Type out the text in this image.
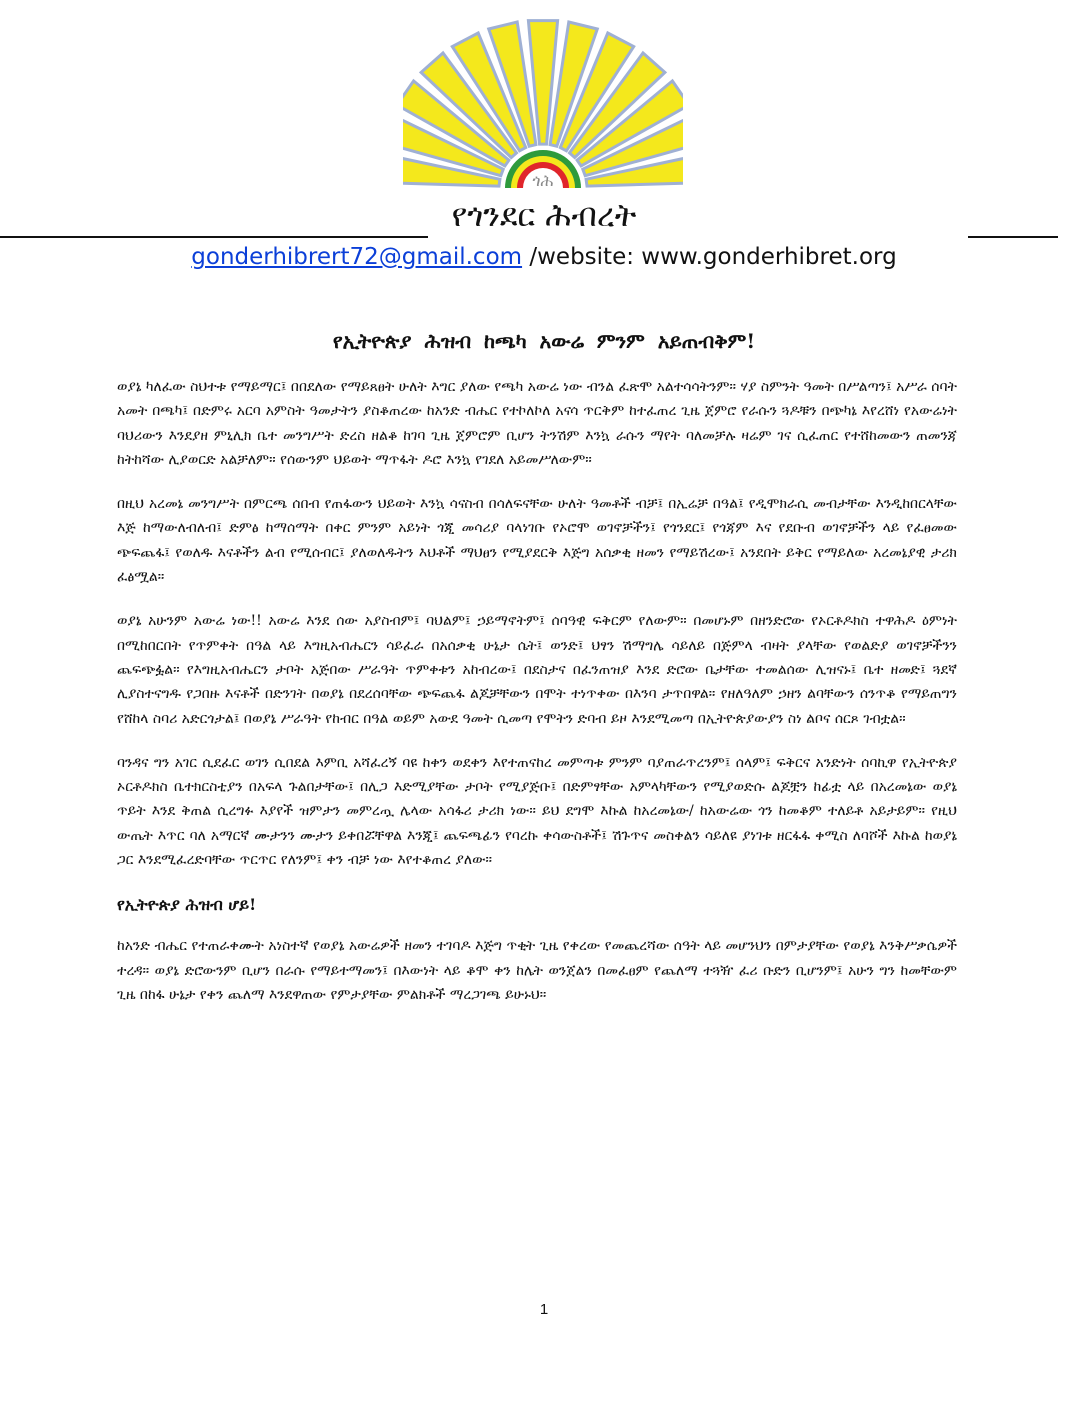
ጎሕ
የጎንደር ሕብረት
gonderhibrert72@gmail.com /website: www.gonderhibret.org
የኢትዮጵያ ሕዝብ ከጫካ አውሬ ምንም አይጠብቅም!

ወያኔ ካለፈው ስህተቱ የማይማር፤ በበደለው የማይጸፀት ሁለት እግር ያለው የጫካ አውሬ ነው ብንል ፈጽሞ አልተሳሳትንም። ሃያ ስምንት ዓመት በሥልጣን፤ አሥራ ሰባት አመት በጫካ፤ በድምሩ አርባ አምስት ዓመታትን ያስቆጠረው ከአንድ ብሔር የተኮለኮለ አናሳ ጥርቅም ከተፈጠረ ጊዜ ጀምሮ የራሱን ጓዶቹን በጭካኔ እየረሸነ የአውሬነት ባህሪውን እንደያዘ ምኒሊክ ቤተ መንግሥት ድረስ ዘልቆ ከገባ ጊዜ ጀምሮም ቢሆን ትንሽም እንኳ ራሱን ማየት ባለመቻሉ ዛሬም ገና ሲፈጠር የተሸከመውን ጠመንጃ ከትከሻው ሊያወርድ አልቻለም። የሰውንም ህይወት ማጥፋት ዶሮ እንኳ የገደለ አይመሥለውም።

በዚህ አረመኔ መንግሥት በምርጫ ሰበብ የጠፋውን ህይወት እንኳ ሳናስብ በሳለፍናቸው ሁለት ዓመቶች ብቻ፤ በኢሬቻ በዓል፤ የዲሞክራሲ መብታቸው እንዲከበርላቸው እጅ ከማውለብለብ፤ ድምፅ ከማሰማት በቀር ምንም አይነት ጎጂ መሳሪያ ባላነገቡ የኦሮሞ ወገኖቻችን፤ የጎንደር፤ የጎጃም እና የደቡብ ወገኖቻችን ላይ የፈፀመው ጭፍጨፋ፤ የወለዱ እናቶችን ልብ የሚሰብር፤ ያለወለዱትን እህቶች ማህፀን የሚያደርቅ እጅግ አሰቃቂ ዘመን የማይሽረው፤ አንደበት ይቅር የማይለው አረመኔያዊ ታሪክ ፈፅሟል።

ወያኔ አሁንም አውሬ ነው!! አውሬ እንደ ሰው አያስብም፤ ባህልም፤ ኃይማኖትም፤ ሰባዓዊ ፍቅርም የለውም። በመሆኑም በዘንድሮው የኦርቶዶክስ ተዋሕዶ ዕምነት በሚከበርበት የጥምቀት በዓል ላይ እግዚአብሔርን ሳይፈራ በአሰቃቂ ሁኔታ ሴት፤ ወንድ፤ ህፃን ሽማግሌ ሳይለይ በጅምላ ብዛት ያላቸው የወልድያ ወገኖቻችንን ጨፍጭፏል። የእግዚአብሔርን ታቦት አጅበው ሥራዓት ጥምቀቱን አከብረው፤ በደስታና በፈንጠዝያ እንደ ድሮው ቤታቸው ተመልሰው ሊዝናኑ፤ ቤተ ዘመድ፤ ጓደኛ ሊያስተናግዱ የጋበዙ እናቶች በድንገት በወያኔ በደረሰባቸው ጭፍጨፋ ልጆቻቸውን በሞት ተነጥቀው በእንባ ታጥበዋል። የዘለዓለም ኃዘን ልባቸውን ሰንጥቆ የማይጠግን የሸከላ ስባሪ አድርጎታል፤ በወያኔ ሥራዓት የከብር በዓል ወይም አውደ ዓመት ሲመጣ የሞትን ድባብ ይዞ እንደሚመጣ በኢትዮጵያውያን ስነ ልቦና ሰርጾ ገብቷል።

ባንዳና ግን አገር ሲደፈር ወገን ሲበደል እምቢ አሻፈረኝ ባዩ ከቀን ወደቀን እየተጠናከረ መምጣቱ ምንም ባያጠራጥረንም፤ ሰላም፤ ፍቅርና አንድነት ሰባኪዋ የኢትዮጵያ ኦርቶዶክስ ቤተክርስቲያን በአፍላ ጉልበታቸው፤ በሊጋ እድሚያቸው ታቦት የሚያጅቡ፤ በድምፃቸው አምላካቸውን የሚያወድሱ ልጆቿን ከፊቷ ላይ በአረመኔው ወያኔ ጥይት እንደ ቅጠል ሲረግፉ እያየች ዝምታን መምረጧ ሌላው አሳፋሪ ታሪክ ነው። ይህ ደግሞ እኩል ከአረመኔው/ ከአውሬው ጎን ከመቆም ተለይቶ አይታይም። የዚህ ውጤት እጥር ባለ አማርኛ ሙታንን ሙታን ይቀበሯቸዋል እንጂ፤ ጨፍጫፊን የባረኩ ቀሳውስቶች፤ ሽጉጥና መስቀልን ሳይለዩ ያነገቱ ዘርፋፋ ቀሚስ ለባሾች እኩል ከወያኔ ጋር እንደሚፈረድባቸው ጥርጥር የለንም፤ ቀን ብቻ ነው እየተቆጠረ ያለው።

የኢትዮጵያ ሕዝብ ሆይ!

ከአንድ ብሔር የተጠራቀሙት አነስተኛ የወያኔ አውሬዎች ዘመን ተገባዶ እጅግ ጥቂት ጊዜ የቀረው የመጨረሻው ሰዓት ላይ መሆንህን በምታያቸው የወያኔ እንቅሥቃሴዎች ተረዳ። ወያኔ ድሮውንም ቢሆን በራሱ የማይተማመን፤ በእውነት ላይ ቆሞ ቀን ከሌት ወንጀልን በመፈፀም የጨለማ ተጓዥ ፈሪ ቡድን ቢሆንም፤ አሁን ግን ከመቸውም ጊዜ በከፋ ሁኔታ የቀን ጨለማ እንደዋጠው የምታያቸው ምልክቶች ማረጋገጫ ይሁኑህ።

1
